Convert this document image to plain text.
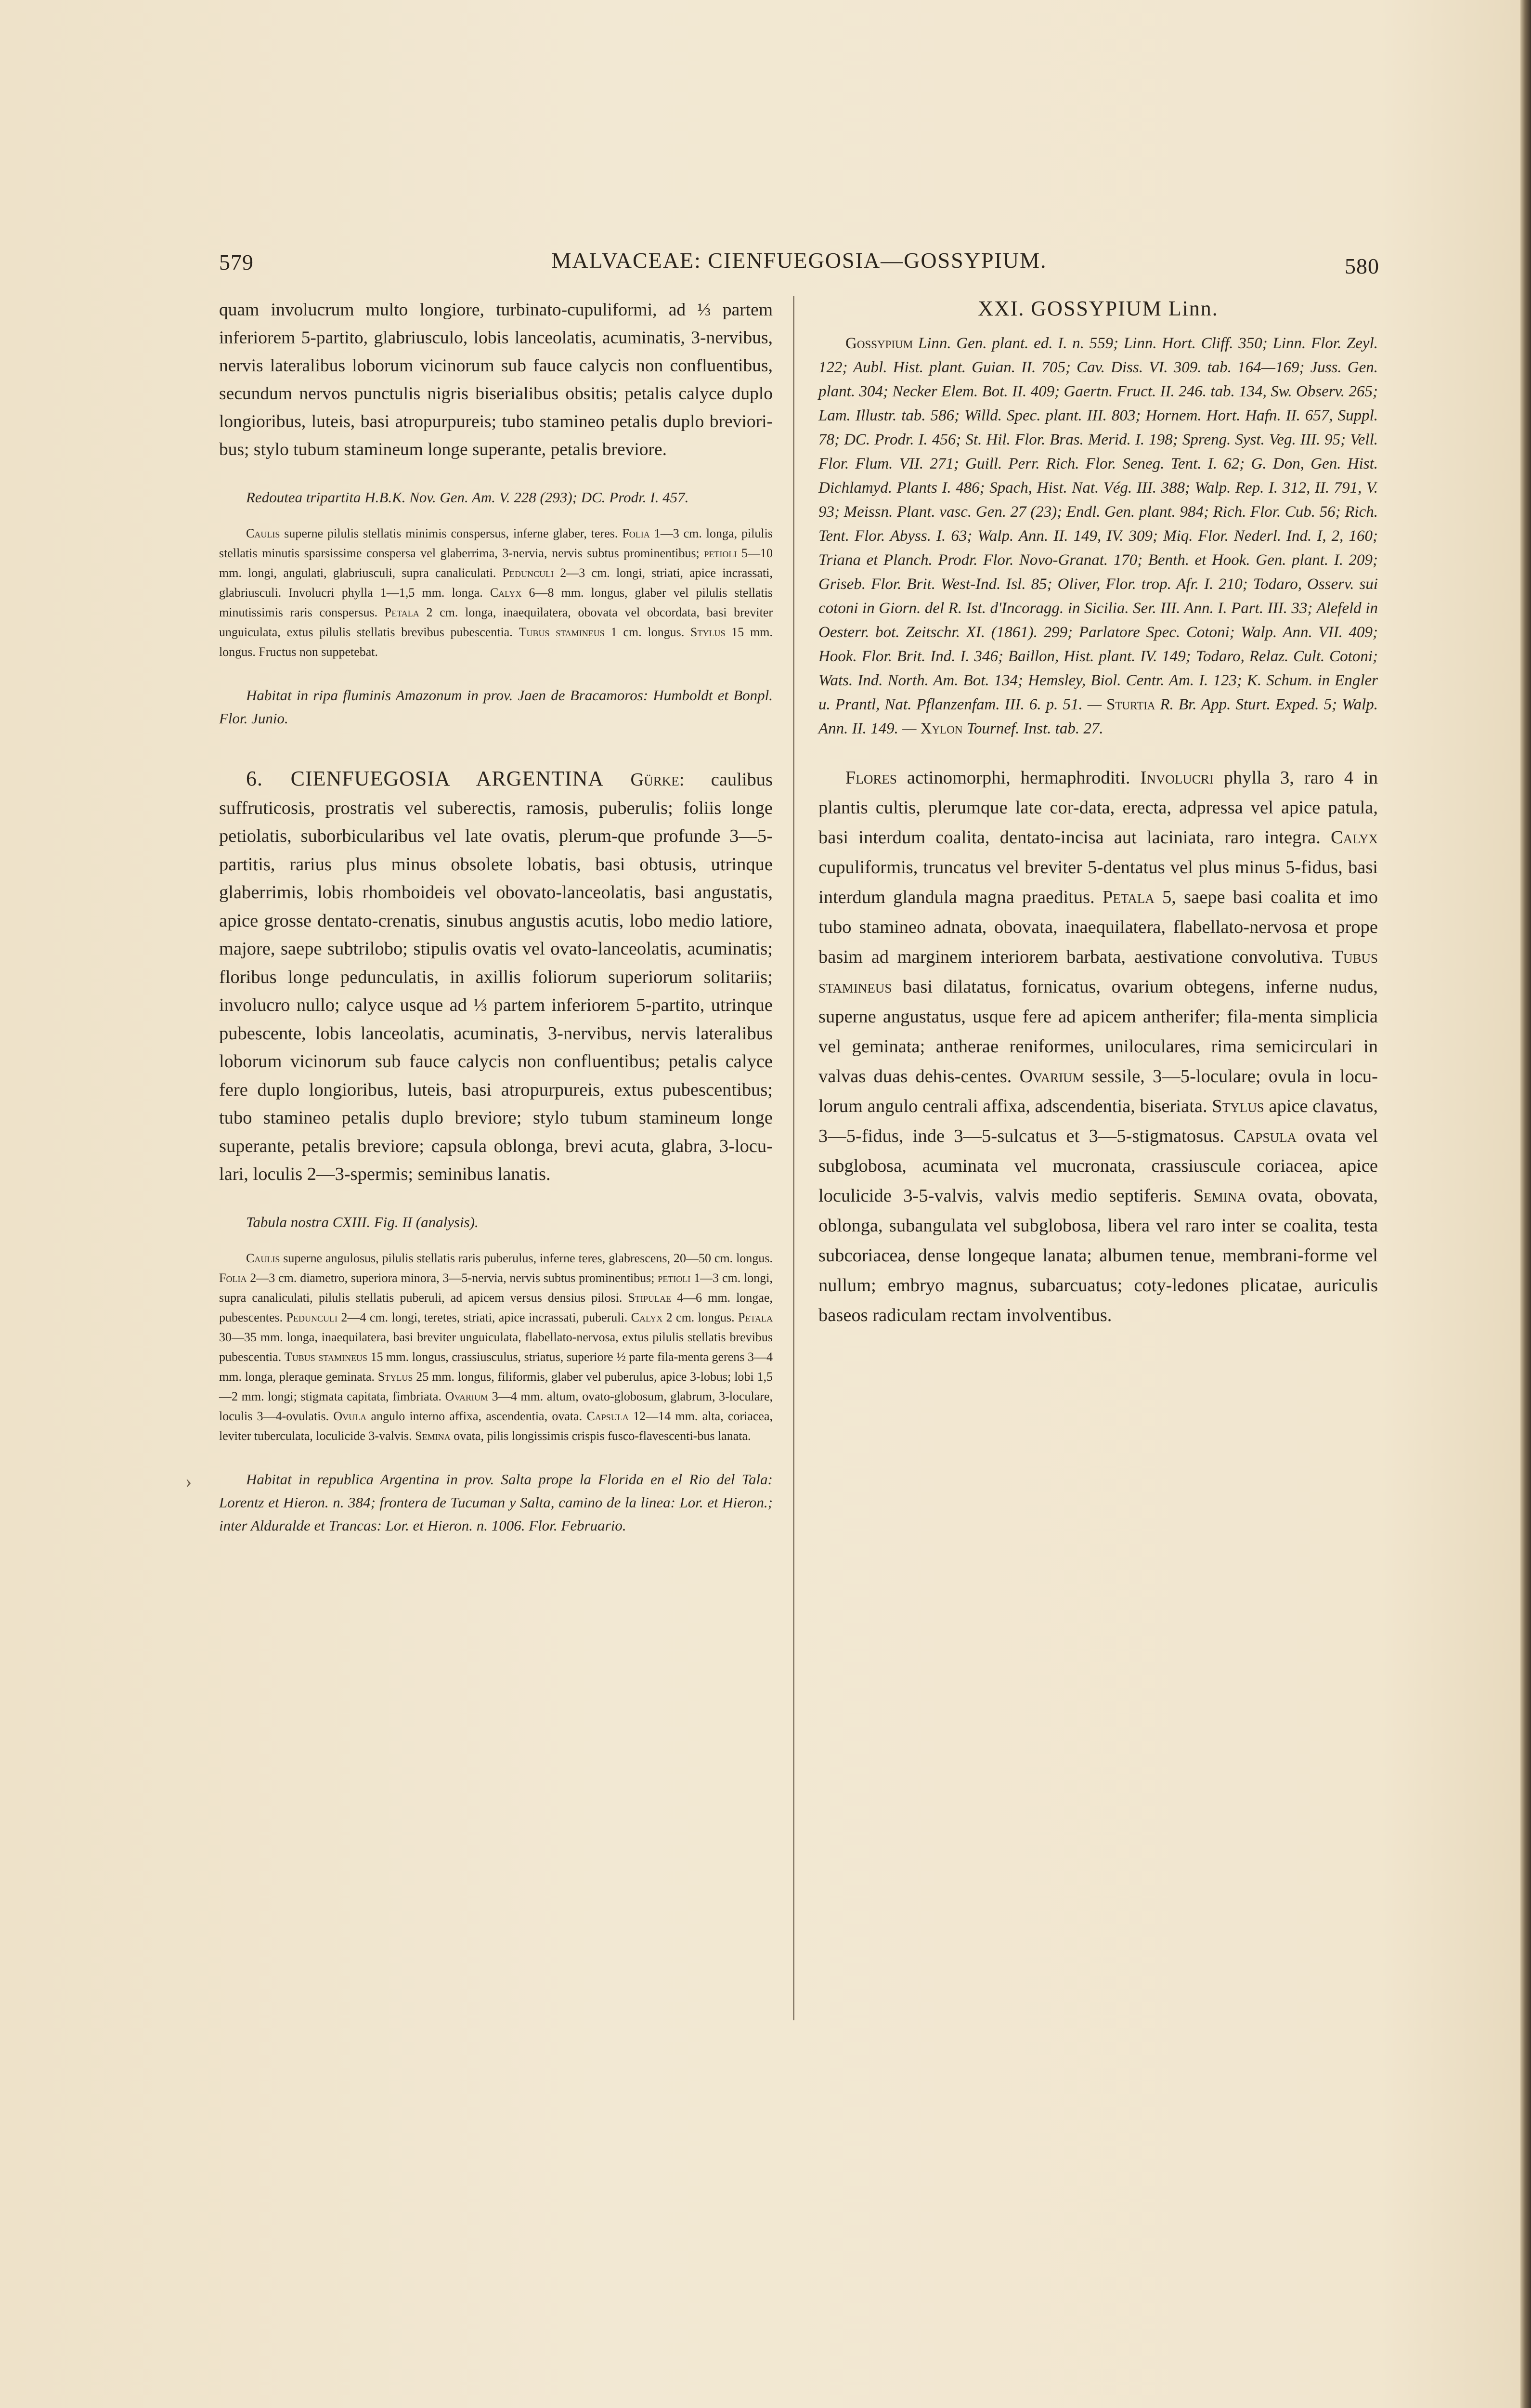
579	MALVACEAE: CIENFUEGOSIA—GOSSYPIUM.	580

quam involucrum multo longiore, turbinato-cupuliformi, ad ⅓ partem inferiorem 5-partito, glabriusculo, lobis lanceolatis, acuminatis, 3-nervibus, nervis lateralibus loborum vicinorum sub fauce calycis non confluentibus, secundum nervos punctulis nigris biserialibus obsitis; petalis calyce duplo longioribus, luteis, basi atropurpureis; tubo stamineo petalis duplo breviori-bus; stylo tubum stamineum longe superante, petalis breviore.

Redoutea tripartita H.B.K. Nov. Gen. Am. V. 228 (293); DC. Prodr. I. 457.

Caulis superne pilulis stellatis minimis conspersus, inferne glaber, teres. Folia 1—3 cm. longa, pilulis stellatis minutis sparsissime conspersa vel glaberrima, 3-nervia, nervis subtus prominentibus; petioli 5—10 mm. longi, angulati, glabriusculi, supra canaliculati. Pedunculi 2—3 cm. longi, striati, apice incrassati, glabriusculi. Involucri phylla 1—1,5 mm. longa. Calyx 6—8 mm. longus, glaber vel pilulis stellatis minutissimis raris conspersus. Petala 2 cm. longa, inaequilatera, obovata vel obcordata, basi breviter unguiculata, extus pilulis stellatis brevibus pubescentia. Tubus stamineus 1 cm. longus. Stylus 15 mm. longus. Fructus non suppetebat.

Habitat in ripa fluminis Amazonum in prov. Jaen de Bracamoros: Humboldt et Bonpl. Flor. Junio.

6. CIENFUEGOSIA ARGENTINA Gürke: caulibus suffruticosis, prostratis vel suberectis, ramosis, puberulis; foliis longe petiolatis, suborbicularibus vel late ovatis, plerum-que profunde 3—5-partitis, rarius plus minus obsolete lobatis, basi obtusis, utrinque glaberrimis, lobis rhomboideis vel obovato-lanceolatis, basi angustatis, apice grosse dentato-crenatis, sinubus angustis acutis, lobo medio latiore, majore, saepe subtrilobo; stipulis ovatis vel ovato-lanceolatis, acuminatis; floribus longe pedunculatis, in axillis foliorum superiorum solitariis; involucro nullo; calyce usque ad ⅓ partem inferiorem 5-partito, utrinque pubescente, lobis lanceolatis, acuminatis, 3-nervibus, nervis lateralibus loborum vicinorum sub fauce calycis non confluentibus; petalis calyce fere duplo longioribus, luteis, basi atropurpureis, extus pubescentibus; tubo stamineo petalis duplo breviore; stylo tubum stamineum longe superante, petalis breviore; capsula oblonga, brevi acuta, glabra, 3-locu-lari, loculis 2—3-spermis; seminibus lanatis.

Tabula nostra CXIII. Fig. II (analysis).

Caulis superne angulosus, pilulis stellatis raris puberulus, inferne teres, glabrescens, 20—50 cm. longus. Folia 2—3 cm. diametro, superiora minora, 3—5-nervia, nervis subtus prominentibus; petioli 1—3 cm. longi, supra canaliculati, pilulis stellatis puberuli, ad apicem versus densius pilosi. Stipulae 4—6 mm. longae, pubescentes. Pedunculi 2—4 cm. longi, teretes, striati, apice incrassati, puberuli. Calyx 2 cm. longus. Petala 30—35 mm. longa, inaequilatera, basi breviter unguiculata, flabellato-nervosa, extus pilulis stellatis brevibus pubescentia. Tubus stamineus 15 mm. longus, crassiusculus, striatus, superiore ½ parte fila-menta gerens 3—4 mm. longa, pleraque geminata. Stylus 25 mm. longus, filiformis, glaber vel puberulus, apice 3-lobus; lobi 1,5—2 mm. longi; stigmata capitata, fimbriata. Ovarium 3—4 mm. altum, ovato-globosum, glabrum, 3-loculare, loculis 3—4-ovulatis. Ovula angulo interno affixa, ascendentia, ovata. Capsula 12—14 mm. alta, coriacea, leviter tuberculata, loculicide 3-valvis. Semina ovata, pilis longissimis crispis fusco-flavescenti-bus lanata.

Habitat in republica Argentina in prov. Salta prope la Florida en el Rio del Tala: Lorentz et Hieron. n. 384; frontera de Tucuman y Salta, camino de la linea: Lor. et Hieron.; inter Alduralde et Trancas: Lor. et Hieron. n. 1006. Flor. Februario.

XXI. GOSSYPIUM Linn.

Gossypium Linn. Gen. plant. ed. I. n. 559; Linn. Hort. Cliff. 350; Linn. Flor. Zeyl. 122; Aubl. Hist. plant. Guian. II. 705; Cav. Diss. VI. 309. tab. 164—169; Juss. Gen. plant. 304; Necker Elem. Bot. II. 409; Gaertn. Fruct. II. 246. tab. 134, Sw. Observ. 265; Lam. Illustr. tab. 586; Willd. Spec. plant. III. 803; Hornem. Hort. Hafn. II. 657, Suppl. 78; DC. Prodr. I. 456; St. Hil. Flor. Bras. Merid. I. 198; Spreng. Syst. Veg. III. 95; Vell. Flor. Flum. VII. 271; Guill. Perr. Rich. Flor. Seneg. Tent. I. 62; G. Don, Gen. Hist. Dichlamyd. Plants I. 486; Spach, Hist. Nat. Vég. III. 388; Walp. Rep. I. 312, II. 791, V. 93; Meissn. Plant. vasc. Gen. 27 (23); Endl. Gen. plant. 984; Rich. Flor. Cub. 56; Rich. Tent. Flor. Abyss. I. 63; Walp. Ann. II. 149, IV. 309; Miq. Flor. Nederl. Ind. I, 2, 160; Triana et Planch. Prodr. Flor. Novo-Granat. 170; Benth. et Hook. Gen. plant. I. 209; Griseb. Flor. Brit. West-Ind. Isl. 85; Oliver, Flor. trop. Afr. I. 210; Todaro, Osserv. sui cotoni in Giorn. del R. Ist. d'Incoragg. in Sicilia. Ser. III. Ann. I. Part. III. 33; Alefeld in Oesterr. bot. Zeitschr. XI. (1861). 299; Parlatore Spec. Cotoni; Walp. Ann. VII. 409; Hook. Flor. Brit. Ind. I. 346; Baillon, Hist. plant. IV. 149; Todaro, Relaz. Cult. Cotoni; Wats. Ind. North. Am. Bot. 134; Hemsley, Biol. Centr. Am. I. 123; K. Schum. in Engler u. Prantl, Nat. Pflanzenfam. III. 6. p. 51. — Sturtia R. Br. App. Sturt. Exped. 5; Walp. Ann. II. 149. — Xylon Tournef. Inst. tab. 27.

Flores actinomorphi, hermaphroditi. Involucri phylla 3, raro 4 in plantis cultis, plerumque late cor-data, erecta, adpressa vel apice patula, basi interdum coalita, dentato-incisa aut laciniata, raro integra. Calyx cupuliformis, truncatus vel breviter 5-dentatus vel plus minus 5-fidus, basi interdum glandula magna praeditus. Petala 5, saepe basi coalita et imo tubo stamineo adnata, obovata, inaequilatera, flabellato-nervosa et prope basim ad marginem interiorem barbata, aestivatione convolutiva. Tubus stamineus basi dilatatus, fornicatus, ovarium obtegens, inferne nudus, superne angustatus, usque fere ad apicem antherifer; fila-menta simplicia vel geminata; antherae reniformes, uniloculares, rima semicirculari in valvas duas dehis-centes. Ovarium sessile, 3—5-loculare; ovula in locu-lorum angulo centrali affixa, adscendentia, biseriata. Stylus apice clavatus, 3—5-fidus, inde 3—5-sulcatus et 3—5-stigmatosus. Capsula ovata vel subglobosa, acuminata vel mucronata, crassiuscule coriacea, apice loculicide 3-5-valvis, valvis medio septiferis. Semina ovata, obovata, oblonga, subangulata vel subglobosa, libera vel raro inter se coalita, testa subcoriacea, dense longeque lanata; albumen tenue, membrani-forme vel nullum; embryo magnus, subarcuatus; coty-ledones plicatae, auriculis baseos radiculam rectam involventibus.

›
